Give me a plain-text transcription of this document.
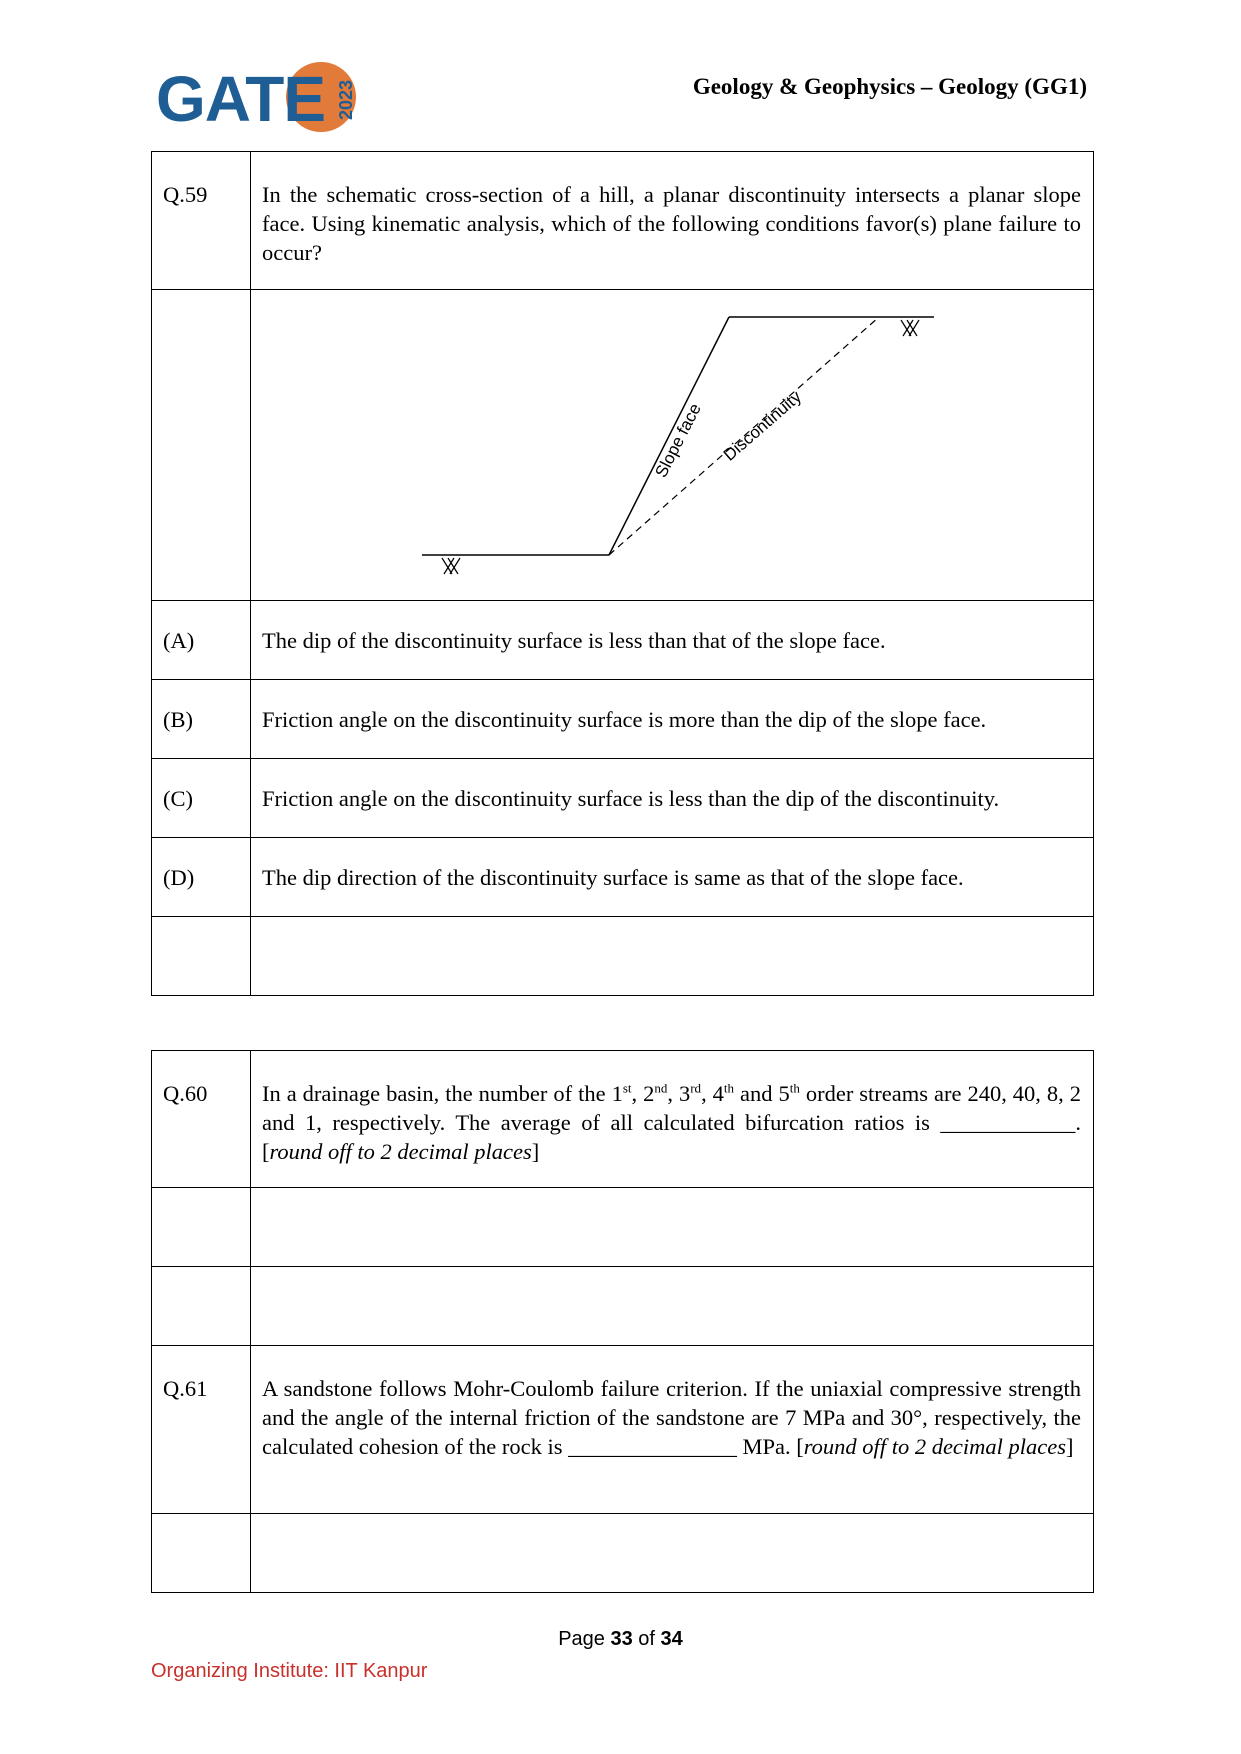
GATE 2023	Geology & Geophysics – Geology (GG1)
Q.59	In the schematic cross-section of a hill, a planar discontinuity intersects a planar slope face. Using kinematic analysis, which of the following conditions favor(s) plane failure to occur?

Slope face Discontinuity

(A)	The dip of the discontinuity surface is less than that of the slope face.
(B)	Friction angle on the discontinuity surface is more than the dip of the slope face.
(C)	Friction angle on the discontinuity surface is less than the dip of the discontinuity.
(D)	The dip direction of the discontinuity surface is same as that of the slope face.

Q.60	In a drainage basin, the number of the 1st, 2nd, 3rd, 4th and 5th order streams are 240, 40, 8, 2 and 1, respectively. The average of all calculated bifurcation ratios is ____________. [round off to 2 decimal places]

Q.61	A sandstone follows Mohr-Coulomb failure criterion. If the uniaxial compressive strength and the angle of the internal friction of the sandstone are 7 MPa and 30°, respectively, the calculated cohesion of the rock is _______________ MPa. [round off to 2 decimal places]

Page 33 of 34
Organizing Institute: IIT Kanpur
